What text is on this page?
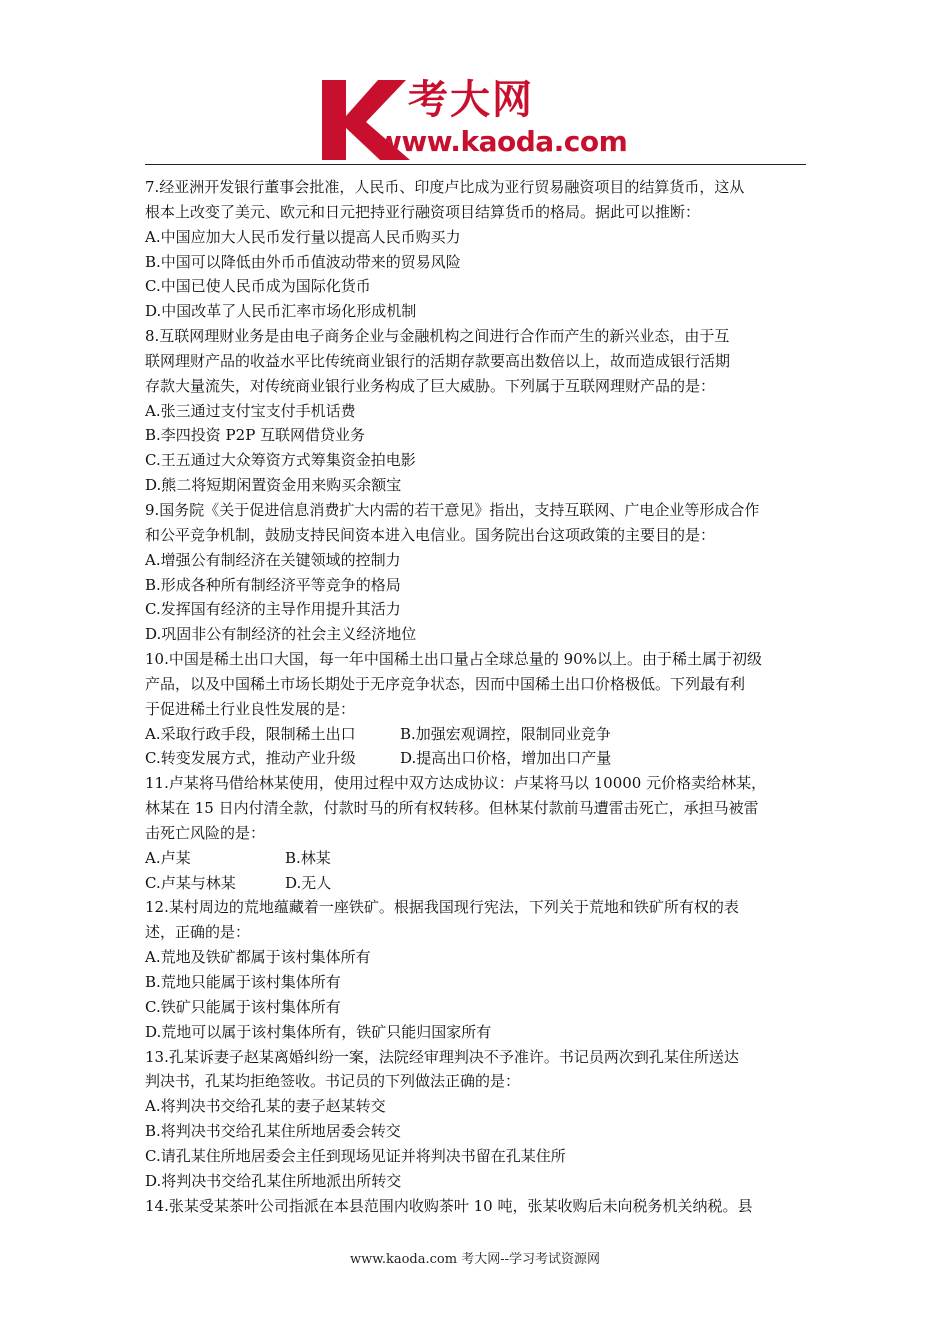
考大网
www.kaoda.com
7.经亚洲开发银行董事会批准，人民币、印度卢比成为亚行贸易融资项目的结算货币，这从
根本上改变了美元、欧元和日元把持亚行融资项目结算货币的格局。据此可以推断：
A.中国应加大人民币发行量以提高人民币购买力
B.中国可以降低由外币币值波动带来的贸易风险
C.中国已使人民币成为国际化货币
D.中国改革了人民币汇率市场化形成机制
8.互联网理财业务是由电子商务企业与金融机构之间进行合作而产生的新兴业态，由于互
联网理财产品的收益水平比传统商业银行的活期存款要高出数倍以上，故而造成银行活期
存款大量流失，对传统商业银行业务构成了巨大威胁。下列属于互联网理财产品的是：
A.张三通过支付宝支付手机话费
B.李四投资 P2P 互联网借贷业务
C.王五通过大众筹资方式筹集资金拍电影
D.熊二将短期闲置资金用来购买余额宝
9.国务院《关于促进信息消费扩大内需的若干意见》指出，支持互联网、广电企业等形成合作
和公平竞争机制，鼓励支持民间资本进入电信业。国务院出台这项政策的主要目的是：
A.增强公有制经济在关键领域的控制力
B.形成各种所有制经济平等竞争的格局
C.发挥国有经济的主导作用提升其活力
D.巩固非公有制经济的社会主义经济地位
10.中国是稀土出口大国，每一年中国稀土出口量占全球总量的 90%以上。由于稀土属于初级
产品，以及中国稀土市场长期处于无序竞争状态，因而中国稀土出口价格极低。下列最有利
于促进稀土行业良性发展的是：
A.采取行政手段，限制稀土出口	B.加强宏观调控，限制同业竞争
C.转变发展方式，推动产业升级	D.提高出口价格，增加出口产量
11.卢某将马借给林某使用，使用过程中双方达成协议：卢某将马以 10000 元价格卖给林某，
林某在 15 日内付清全款，付款时马的所有权转移。但林某付款前马遭雷击死亡，承担马被雷
击死亡风险的是：
A.卢某	B.林某
C.卢某与林某	D.无人
12.某村周边的荒地蕴藏着一座铁矿。根据我国现行宪法，下列关于荒地和铁矿所有权的表
述，正确的是：
A.荒地及铁矿都属于该村集体所有
B.荒地只能属于该村集体所有
C.铁矿只能属于该村集体所有
D.荒地可以属于该村集体所有，铁矿只能归国家所有
13.孔某诉妻子赵某离婚纠纷一案，法院经审理判决不予准许。书记员两次到孔某住所送达
判决书，孔某均拒绝签收。书记员的下列做法正确的是：
A.将判决书交给孔某的妻子赵某转交
B.将判决书交给孔某住所地居委会转交
C.请孔某住所地居委会主任到现场见证并将判决书留在孔某住所
D.将判决书交给孔某住所地派出所转交
14.张某受某茶叶公司指派在本县范围内收购茶叶 10 吨，张某收购后未向税务机关纳税。县
www.kaoda.com 考大网--学习考试资源网
